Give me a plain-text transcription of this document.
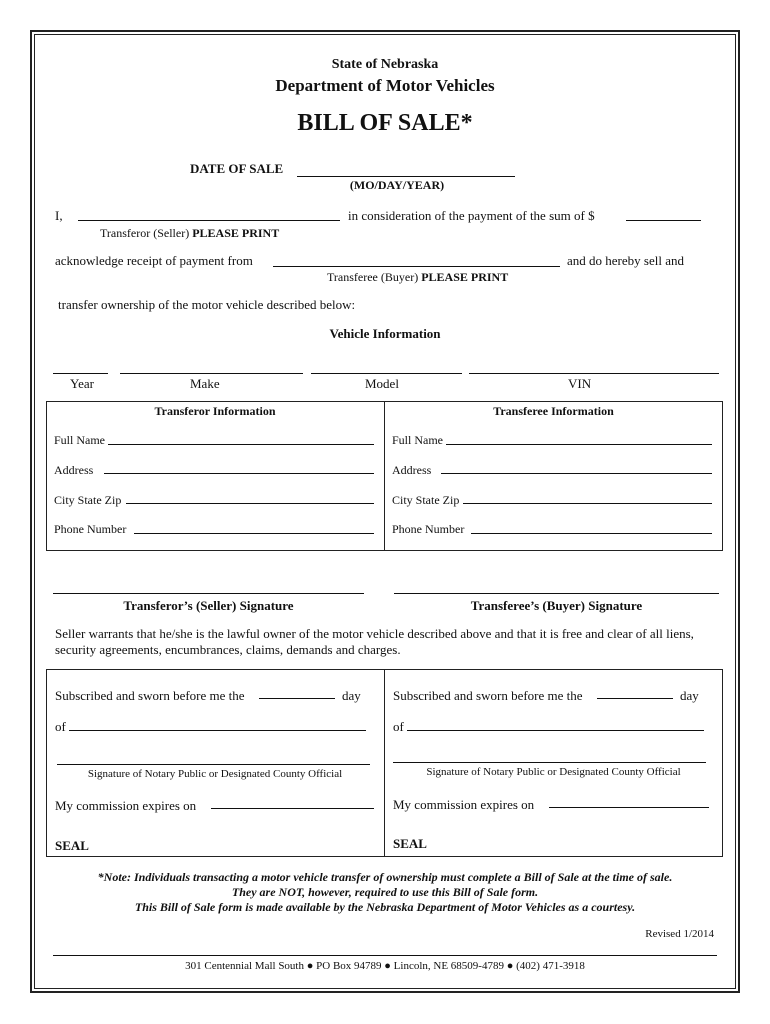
State of Nebraska
Department of Motor Vehicles
BILL OF SALE*
DATE OF SALE
(MO/DAY/YEAR)
I,	in consideration of the payment of the sum of $
Transferor (Seller) PLEASE PRINT
acknowledge receipt of payment from	and do hereby sell and
Transferee (Buyer) PLEASE PRINT
transfer ownership of the motor vehicle described below:
Vehicle Information
Year	Make	Model	VIN
Transferor Information	Transferee Information
Full Name
Address
City State Zip
Phone Number
Full Name
Address
City State Zip
Phone Number
Transferor’s (Seller) Signature	Transferee’s (Buyer) Signature
Seller warrants that he/she is the lawful owner of the motor vehicle described above and that it is free and clear of all liens, security agreements, encumbrances, claims, demands and charges.
Subscribed and sworn before me the	day
of
Signature of Notary Public or Designated County Official
My commission expires on
SEAL
Subscribed and sworn before me the	day
of
Signature of Notary Public or Designated County Official
My commission expires on
SEAL
*Note: Individuals transacting a motor vehicle transfer of ownership must complete a Bill of Sale at the time of sale.
They are NOT, however, required to use this Bill of Sale form.
This Bill of Sale form is made available by the Nebraska Department of Motor Vehicles as a courtesy.
Revised 1/2014
301 Centennial Mall South ● PO Box 94789 ● Lincoln, NE 68509-4789 ● (402) 471-3918
